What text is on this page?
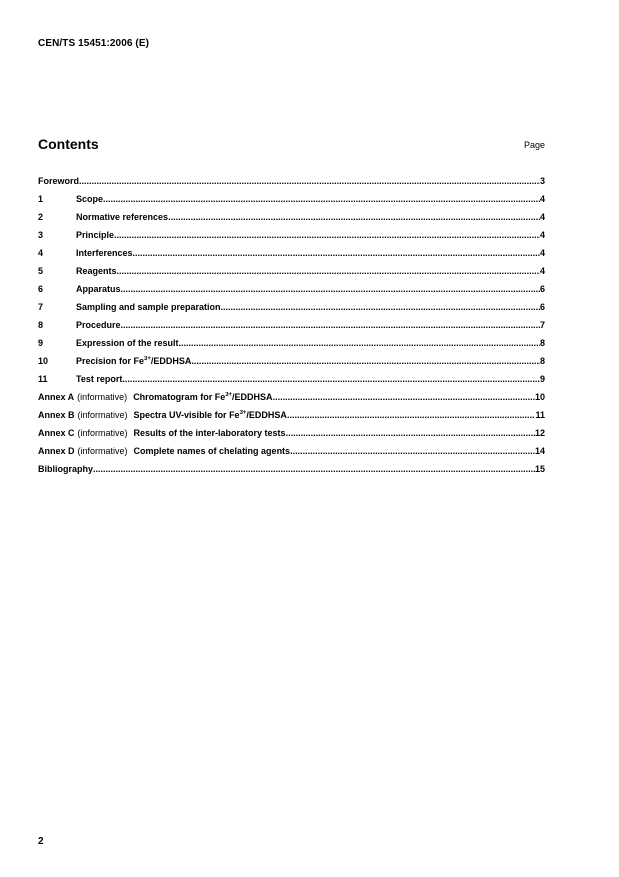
CEN/TS 15451:2006 (E)
Contents	Page
Foreword .....	3
1	Scope .....	4
2	Normative references .....	4
3	Principle .....	4
4	Interferences .....	4
5	Reagents .....	4
6	Apparatus .....	6
7	Sampling and sample preparation .....	6
8	Procedure .....	7
9	Expression of the result .....	8
10	Precision for $Fe^{3+}$/EDDHSA .....	8
11	Test report .....	9
Annex A (informative) Chromatogram for $Fe^{3+}$/EDDHSA .....	10
Annex B (informative) Spectra UV-visible for $Fe^{3+}$/EDDHSA .....	11
Annex C (informative) Results of the inter-laboratory tests .....	12
Annex D (informative) Complete names of chelating agents .....	14
Bibliography .....	15
2
